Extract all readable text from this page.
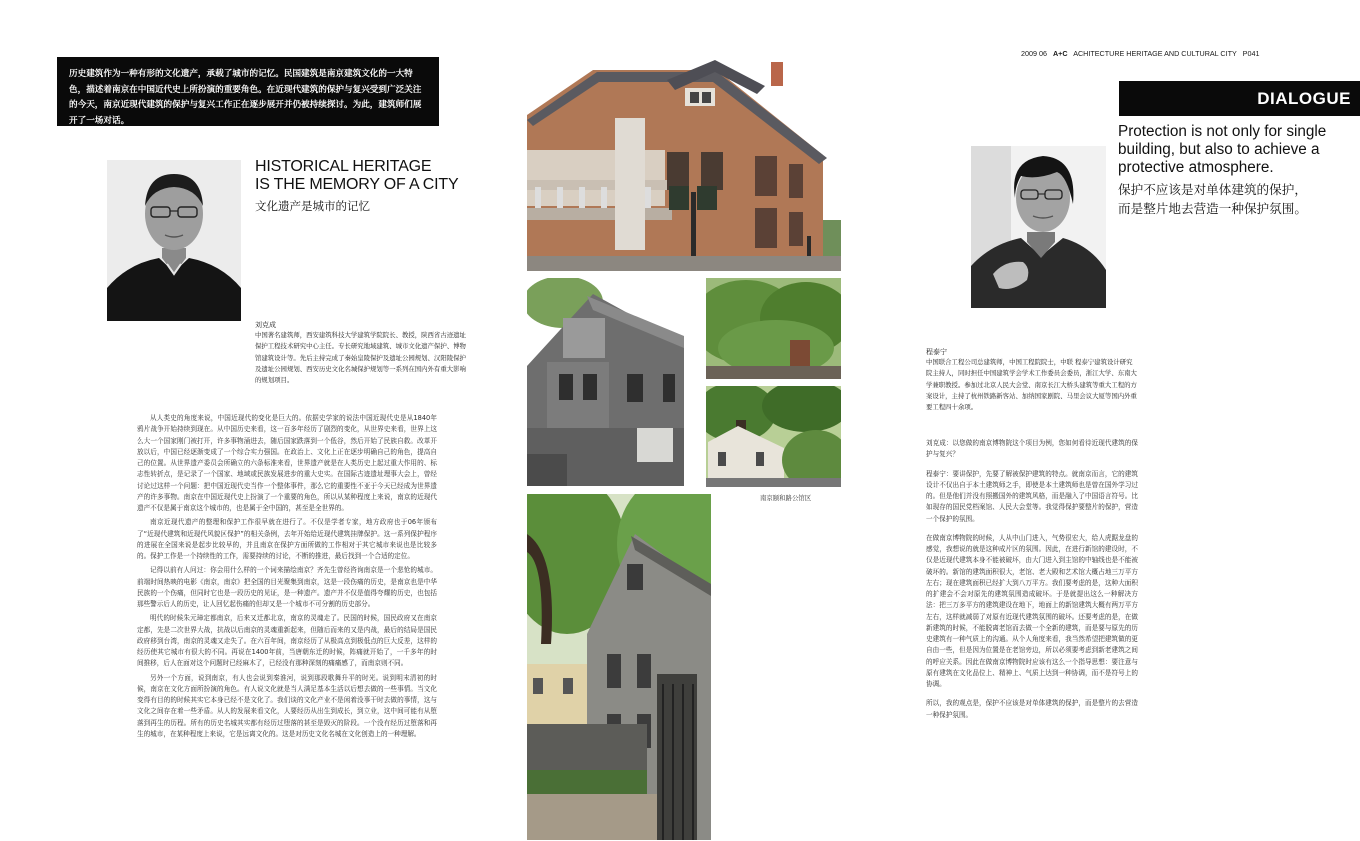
历史建筑作为一种有形的文化遗产，承载了城市的记忆。民国建筑是南京建筑文化的一大特色，描述着南京在中国近代史上所扮演的重要角色。在近现代建筑的保护与复兴受到广泛关注的今天，南京近现代建筑的保护与复兴工作正在逐步展开并仍被持续探讨。为此，建筑师们展开了一场对话。
HISTORICAL HERITAGE
IS THE MEMORY OF A CITY
文化遗产是城市的记忆
刘克成
中国著名建筑师，西安建筑科技大学建筑学院院长、教授，陕西省古迹遗址保护工程技术研究中心主任。专长研究地域建筑、城市文化遗产保护、博物馆建筑设计等。先后主持完成了秦始皇陵保护及遗址公园规划、汉阳陵保护及遗址公园规划、西安历史文化名城保护规划等一系列在国内外有重大影响的规划项目。

从人类史的角度来说，中国近现代的变化是巨大的。依据史学家的说法中国近现代史是从1840年鸦片战争开始持续到现在。从中国历史来看，这一百多年经历了剧烈的变化，从世界史来看，世界上这么大一个国家刚门被打开，许多事物涌进去，随后国家跌落到一个低谷，然后开始了民族自救。改革开放以后，中国已经逐渐变成了一个综合实力强国。在政治上、文化上正在逐步明确自己的角色，提高自己的位置。从世界遗产委员会所确立的六条标准来看，世界遗产就是在人类历史上起过重大作用的、标志性转折点，是记录了一个国家、地域或民族发展进步的重大史实。在国际古迹遗址理事大会上，曾经讨论过这样一个问题：把中国近现代史当作一个整体事件，那么它的重要性不亚于今天已经成为世界遗产的许多事物。南京在中国近现代史上扮演了一个重要的角色，所以从某种程度上来说，南京的近现代遗产不仅是属于南京这个城市的，也是属于全中国的，甚至是全世界的。

南京近现代遗产的整理和保护工作很早就在进行了。不仅是学者专家，地方政府也于06年颁布了“近现代建筑和近现代风貌区保护”的相关条例，去年开始给近现代建筑挂牌保护。这一系列保护程序的进展在全国来说是起步比较早的，并且南京在保护方面所做的工作相对于其它城市来说也是比较多的。保护工作是一个持续性的工作，需要持续的讨论，不断的推进，最后找到一个合适的定位。

记得以前有人问过：你会用什么样的一个词来描绘南京？齐先生曾经咨询南京是一个悲怆的城市。前端时间热映的电影《南京，南京》把全国的目光聚集到南京，这是一段伤痛的历史，是南京也是中华民族的一个伤痛，但同时它也是一段历史的见证，是一种遗产。遗产并不仅是值得夸耀的历史，也包括那些警示后人的历史，让人回忆起伤痛的但却又是一个城市不可分割的历史部分。

明代的时候朱元璋定都南京，后来又迁都北京，南京的灵魂走了。民国的时候，国民政府又在南京定都，先是二次世界大战，抗战以后南京的灵魂重新起来，但随后而来的又是内战，最后的结局是国民政府移到台湾，南京的灵魂又走失了。在六百年间，南京经历了从极高点到极低点的巨大反差，这样的经历使其它城市有很大的不同。再说在1400年前，当唐朝东迁的时候，阵痛就开始了，一千多年的时间推移，后人在面对这个问题时已经麻木了，已经没有那种深刻的痛痛感了，而南京则不同。

另外一个方面，说到南京，有人也会说到秦淮河，说到那段歌舞升平的时光。说到明末清初的时候，南京在文化方面所扮演的角色。有人说文化就是当人满足基本生活以后想去做的一些事情。当文化变得有目的的时候其实它本身已经不是文化了。我们谈的文化产业不是闲着没事干时去做的事情，这与文化之间存在着一些矛盾。从人的发展来看文化，人要经历从出生到成长，到立业，这中间可能有从堕落到再生的历程。所有的历史名城其实都有经历过堕落的甚至是毁灭的阶段。一个没有经历过堕落和再生的城市，在某种程度上来说，它是远离文化的。这是对历史文化名城在文化创造上的一种理解。

南京颐和路公馆区
2009 06 A+C ACHITECTURE HERITAGE AND CULTURAL CITY P041
DIALOGUE
Protection is not only for single building, but also to achieve a protective atmosphere.
保护不应该是对单体建筑的保护，
而是整片地去营造一种保护氛围。
程泰宁
中国联合工程公司总建筑师，中国工程院院士，中联 程泰宁建筑设计研究院主持人，同时担任中国建筑学会学术工作委员会委员，浙江大学、东南大学兼职教授。参加过北京人民大会堂、南京长江大桥头建筑等重大工程的方案设计，主持了杭州铁路新客站、加纳国家剧院、马里会议大厦等国内外重要工程四十余项。

刘克成：以您做的南京博物院这个项目为例，您如何看待近现代建筑的保护与复兴？

程泰宁：要讲保护，先要了解被保护建筑的特点。就南京而言，它的建筑设计不仅出自于本土建筑师之手，即使是本土建筑师也是曾在国外学习过的。但是他们并没有照搬国外的建筑风格，而是融入了中国语言符号。比如现存的国民党档案馆、人民大会堂等。我觉得保护要整片的保护，营造一个保护的氛围。

在做南京博物院的时候，人从中山门进入，气势很宏大，给人虎踞龙盘的感觉，我想说的就是这种成片区的氛围。因此，在进行新馆的建设时，不仅是近现代建筑本身不能被破坏，由大门进入到主馆的中轴线也是不能被破坏的。新馆的建筑面积很大，老馆、老大殿和艺术馆大概占地三万平方左右；现在建筑面积已经扩大到八万平方。我们要考虑的是，这种大面积的扩建会不会对原先的建筑氛围造成破坏。于是就提出这么一种解决方法：把三万多平方的建筑建设在地下，地面上的新馆建筑大概有两万平方左右，这样就减弱了对原有近现代建筑氛围的破坏。还要考虑的是，在做新建筑的时候，不能脱离老馆而去做一个全新的建筑，而是要与原先的历史建筑有一种气质上的沟通。从个人角度来看，我当然希望把建筑做的更自由一些，但是因为位置是在老馆旁边，所以必须要考虑到新老建筑之间的呼应关系。因此在做南京博物院时应该有这么一个指导思想：要注意与原有建筑在文化品位上、精神上、气质上达到一种协调，而不是符号上的协调。

所以，我的观点是，保护不应该是对单体建筑的保护，而是整片的去营造一种保护氛围。
